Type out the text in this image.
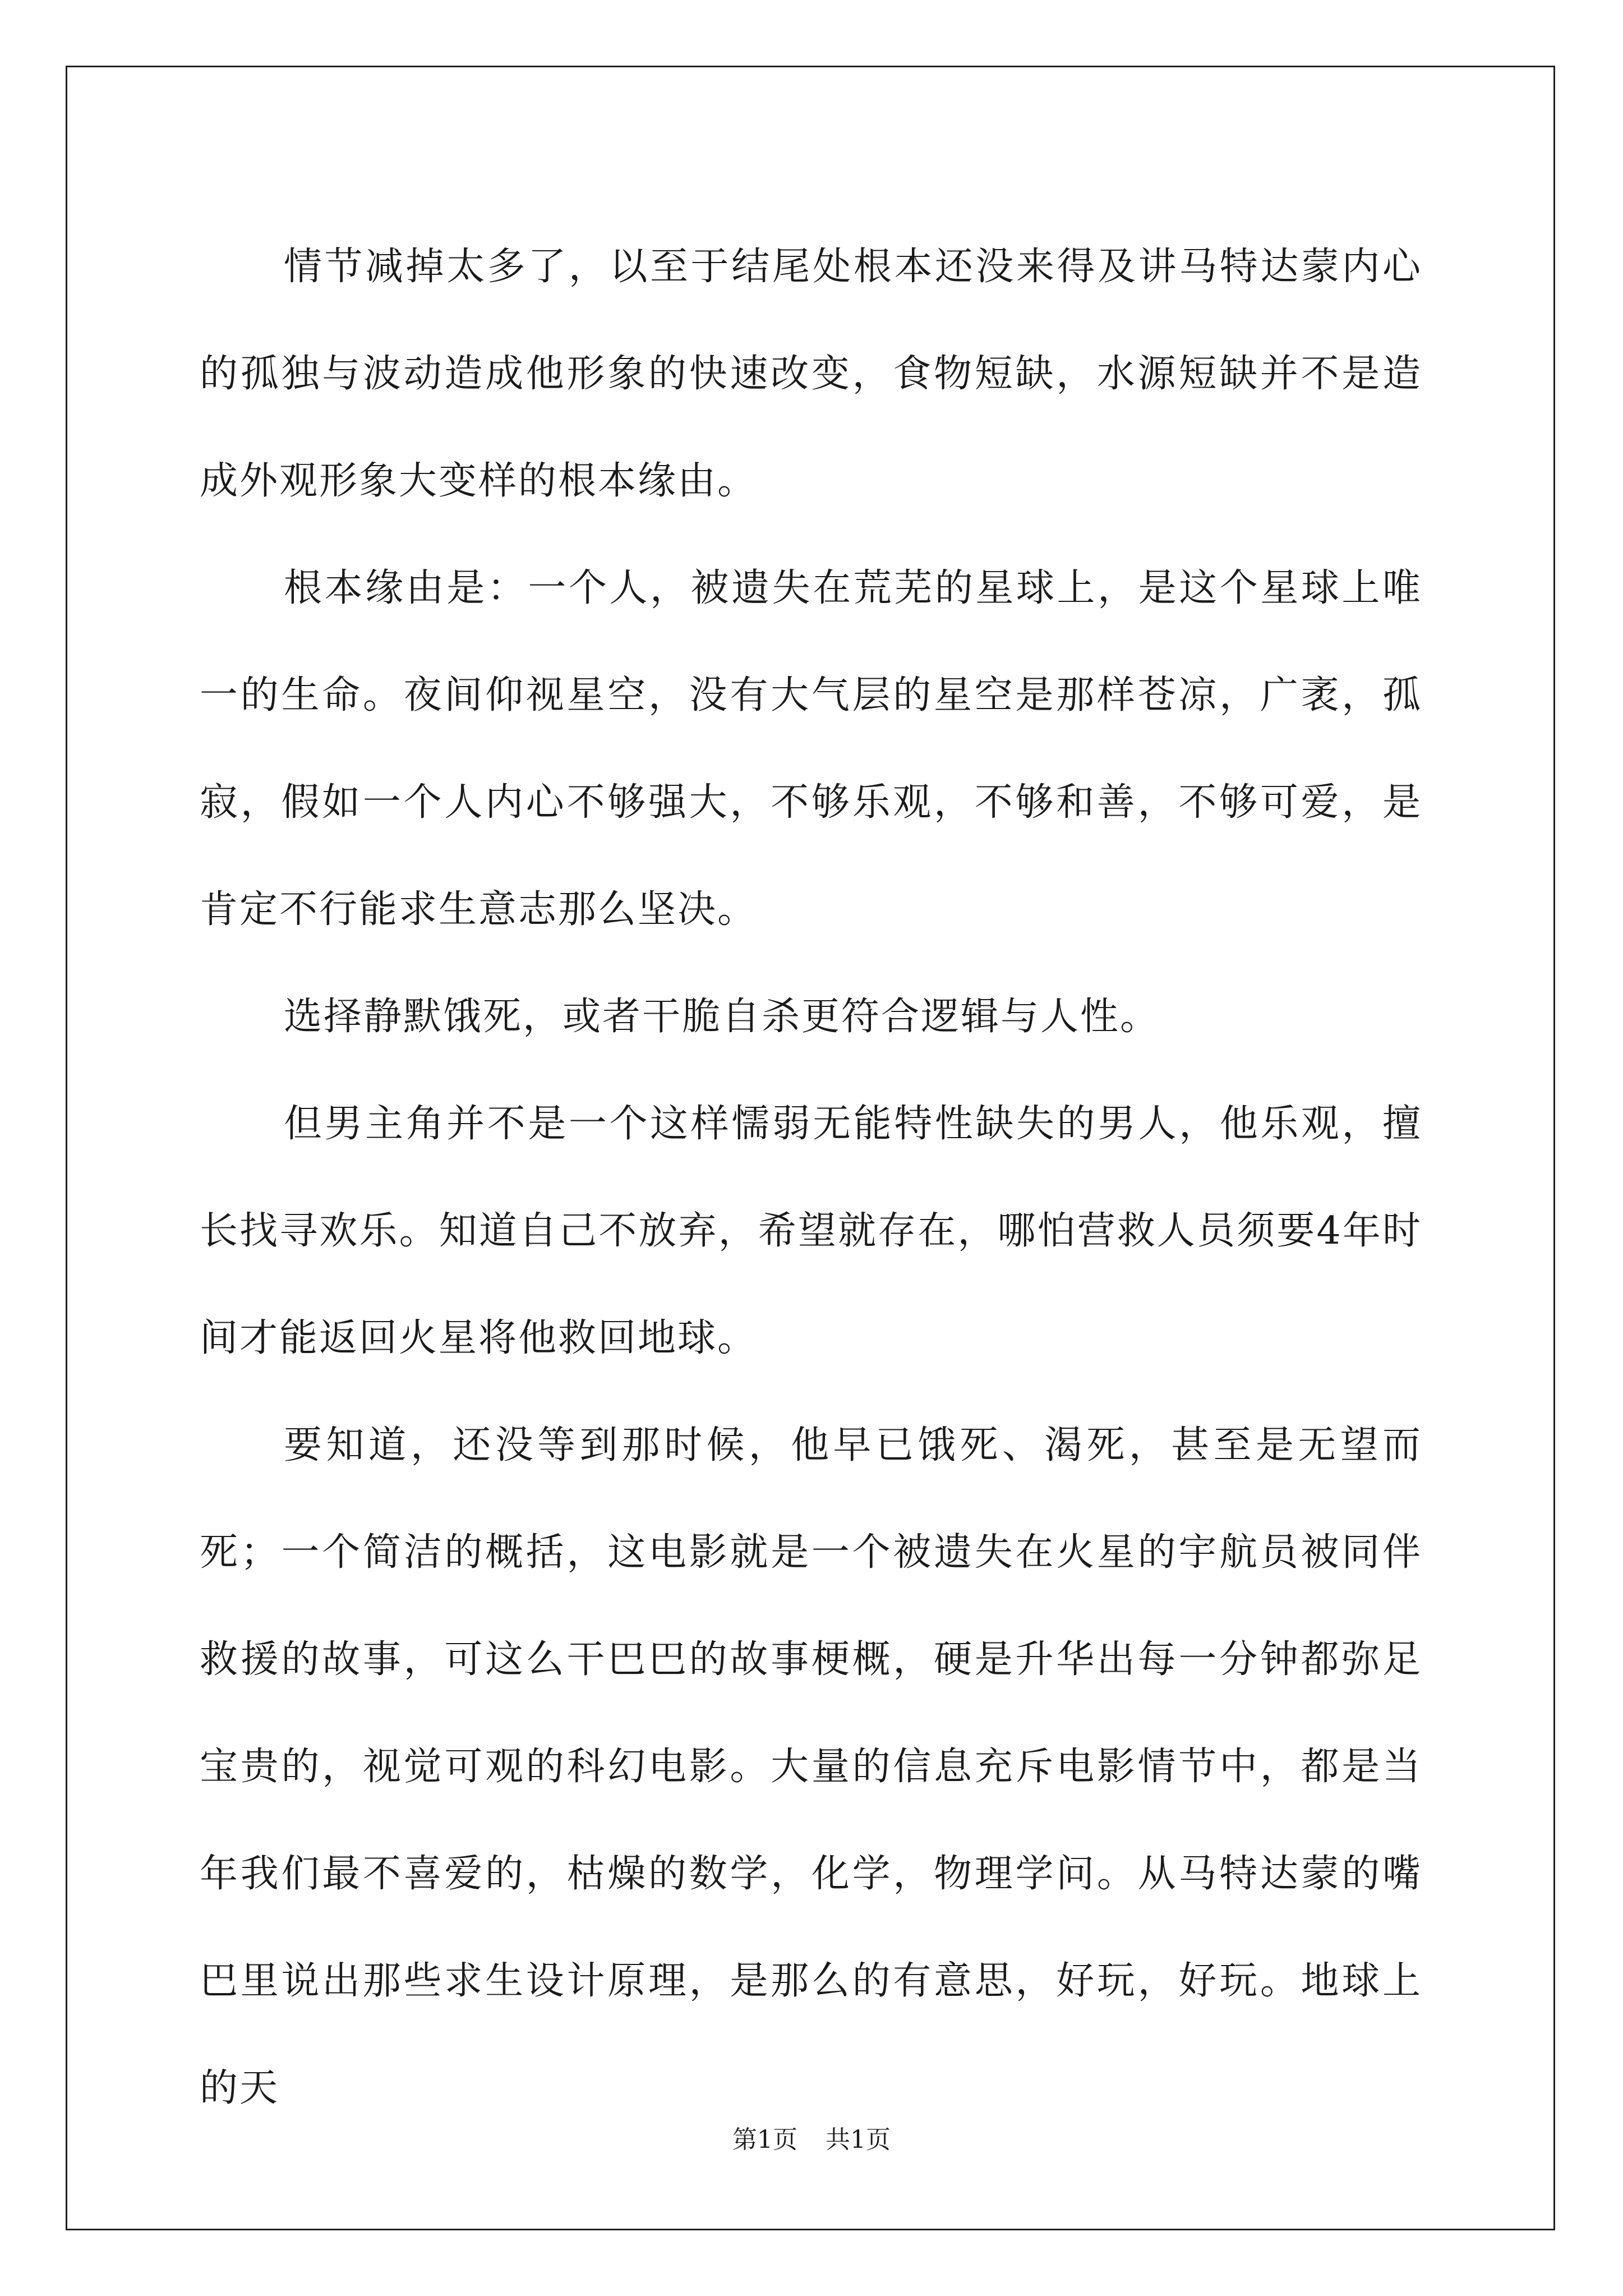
情节减掉太多了，以至于结尾处根本还没来得及讲马特达蒙内心的孤独与波动造成他形象的快速改变，食物短缺，水源短缺并不是造成外观形象大变样的根本缘由。

根本缘由是：一个人，被遗失在荒芜的星球上，是这个星球上唯一的生命。夜间仰视星空，没有大气层的星空是那样苍凉，广袤，孤寂，假如一个人内心不够强大，不够乐观，不够和善，不够可爱，是肯定不行能求生意志那么坚决。

选择静默饿死，或者干脆自杀更符合逻辑与人性。

但男主角并不是一个这样懦弱无能特性缺失的男人，他乐观，擅长找寻欢乐。知道自己不放弃，希望就存在，哪怕营救人员须要4年时间才能返回火星将他救回地球。

要知道，还没等到那时候，他早已饿死、渴死，甚至是无望而死；一个简洁的概括，这电影就是一个被遗失在火星的宇航员被同伴救援的故事，可这么干巴巴的故事梗概，硬是升华出每一分钟都弥足宝贵的，视觉可观的科幻电影。大量的信息充斥电影情节中，都是当年我们最不喜爱的，枯燥的数学，化学，物理学问。从马特达蒙的嘴巴里说出那些求生设计原理，是那么的有意思，好玩，好玩。地球上的天

第1页 共1页
